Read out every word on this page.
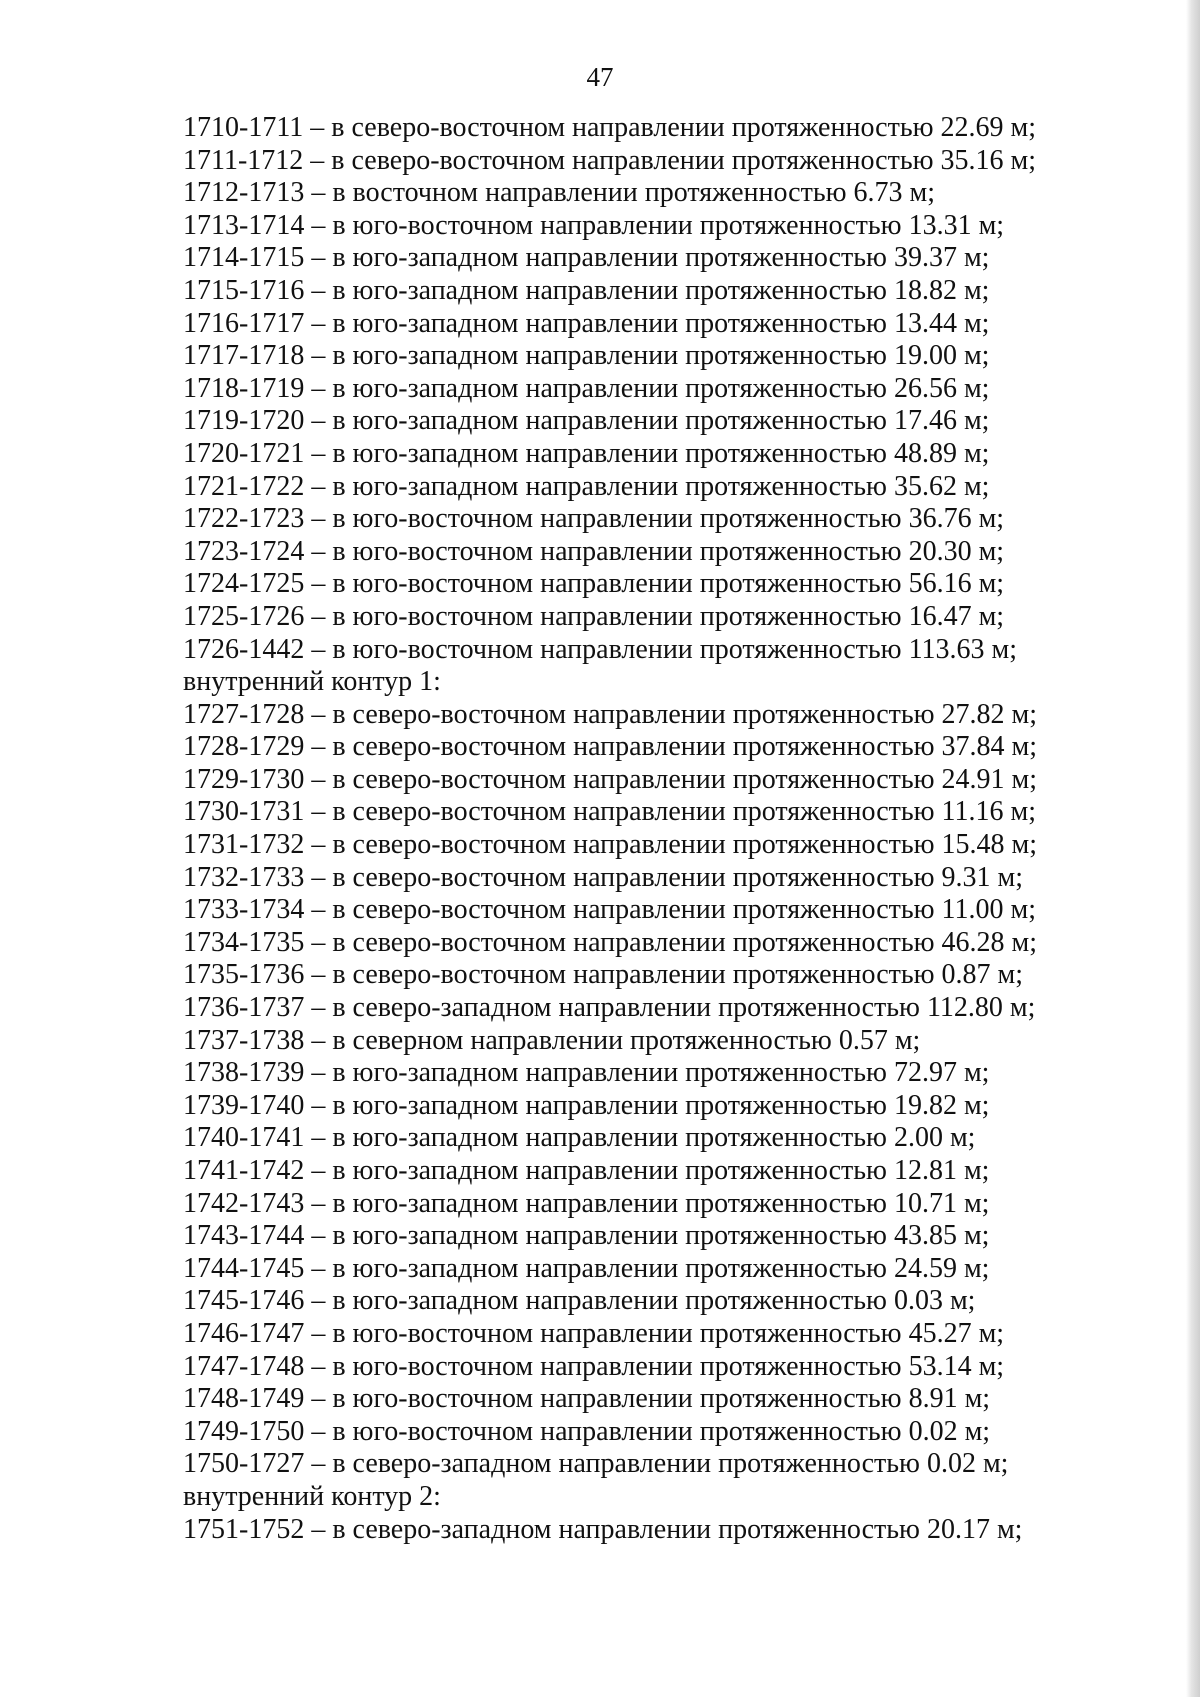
47
1710-1711 – в северо-восточном направлении протяженностью 22.69 м;
1711-1712 – в северо-восточном направлении протяженностью 35.16 м;
1712-1713 – в восточном направлении протяженностью 6.73 м;
1713-1714 – в юго-восточном направлении протяженностью 13.31 м;
1714-1715 – в юго-западном направлении протяженностью 39.37 м;
1715-1716 – в юго-западном направлении протяженностью 18.82 м;
1716-1717 – в юго-западном направлении протяженностью 13.44 м;
1717-1718 – в юго-западном направлении протяженностью 19.00 м;
1718-1719 – в юго-западном направлении протяженностью 26.56 м;
1719-1720 – в юго-западном направлении протяженностью 17.46 м;
1720-1721 – в юго-западном направлении протяженностью 48.89 м;
1721-1722 – в юго-западном направлении протяженностью 35.62 м;
1722-1723 – в юго-восточном направлении протяженностью 36.76 м;
1723-1724 – в юго-восточном направлении протяженностью 20.30 м;
1724-1725 – в юго-восточном направлении протяженностью 56.16 м;
1725-1726 – в юго-восточном направлении протяженностью 16.47 м;
1726-1442 – в юго-восточном направлении протяженностью 113.63 м;
внутренний контур 1:
1727-1728 – в северо-восточном направлении протяженностью 27.82 м;
1728-1729 – в северо-восточном направлении протяженностью 37.84 м;
1729-1730 – в северо-восточном направлении протяженностью 24.91 м;
1730-1731 – в северо-восточном направлении протяженностью 11.16 м;
1731-1732 – в северо-восточном направлении протяженностью 15.48 м;
1732-1733 – в северо-восточном направлении протяженностью 9.31 м;
1733-1734 – в северо-восточном направлении протяженностью 11.00 м;
1734-1735 – в северо-восточном направлении протяженностью 46.28 м;
1735-1736 – в северо-восточном направлении протяженностью 0.87 м;
1736-1737 – в северо-западном направлении протяженностью 112.80 м;
1737-1738 – в северном направлении протяженностью 0.57 м;
1738-1739 – в юго-западном направлении протяженностью 72.97 м;
1739-1740 – в юго-западном направлении протяженностью 19.82 м;
1740-1741 – в юго-западном направлении протяженностью 2.00 м;
1741-1742 – в юго-западном направлении протяженностью 12.81 м;
1742-1743 – в юго-западном направлении протяженностью 10.71 м;
1743-1744 – в юго-западном направлении протяженностью 43.85 м;
1744-1745 – в юго-западном направлении протяженностью 24.59 м;
1745-1746 – в юго-западном направлении протяженностью 0.03 м;
1746-1747 – в юго-восточном направлении протяженностью 45.27 м;
1747-1748 – в юго-восточном направлении протяженностью 53.14 м;
1748-1749 – в юго-восточном направлении протяженностью 8.91 м;
1749-1750 – в юго-восточном направлении протяженностью 0.02 м;
1750-1727 – в северо-западном направлении протяженностью 0.02 м;
внутренний контур 2:
1751-1752 – в северо-западном направлении протяженностью 20.17 м;
